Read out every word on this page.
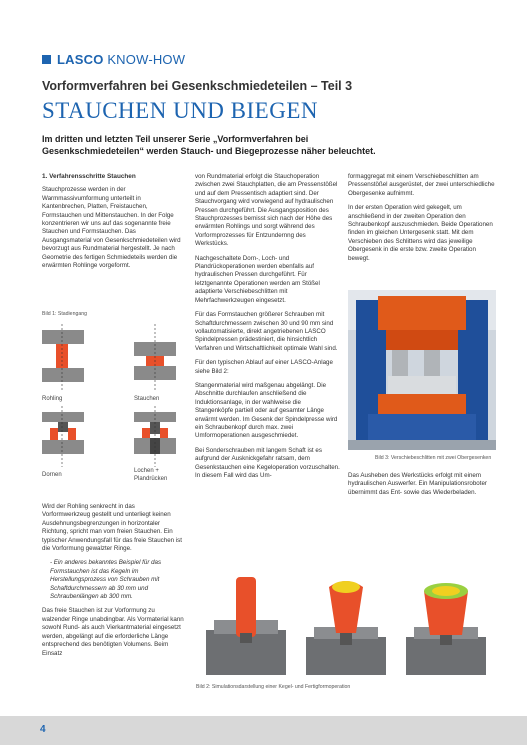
LASCO KNOW-HOW
Vorformverfahren bei Gesenkschmiedeteilen – Teil 3
STAUCHEN UND BIEGEN
Im dritten und letzten Teil unserer Serie „Vorformverfahren bei Gesenkschmiedeteilen“ werden Stauch- und Biegeprozesse näher beleuchtet.
1. Verfahrensschritte Stauchen

Stauchprozesse werden in der Warmmassivumformung unterteilt in Kantenbrechen, Platten, Freistauchen, Formstauchen und Mittenstauchen. In der Folge konzentrieren wir uns auf das sogenannte freie Stauchen und Formstauchen. Das Ausgangsmaterial von Gesenkschmiedeteilen wird bevorzugt aus Rundmaterial hergestellt. Je nach Geometrie des fertigen Schmiedeteils werden die erwärmten Rohlinge vorgeformt.

Bild 1: Stadiengang
Rohling	Stauchen
Dornen
Lochen +
Plandrücken

Wird der Rohling senkrecht in das Vorformwerkzeug gestellt und unterliegt keinen Ausdehnungsbegrenzungen in horizontaler Richtung, spricht man vom freien Stauchen. Ein typischer Anwendungsfall für das freie Stauchen ist die Vorformung gewalzter Ringe.

- Ein anderes bekanntes Beispiel für das Formstauchen ist das Kegeln im Herstellungsprozess von Schrauben mit Schaftdurchmessern ab 30 mm und Schraubenlängen ab 300 mm.

Das freie Stauchen ist zur Vorformung zu walzender Ringe unabdingbar. Als Vormaterial kann sowohl Rund- als auch Vierkantmaterial eingesetzt werden, abgelängt auf die erforderliche Länge entsprechend des benötigten Volumens. Beim Einsatz

von Rundmaterial erfolgt die Stauchoperation zwischen zwei Stauchplatten, die am Pressenstößel und auf dem Pressentisch adaptiert sind. Der Stauchvorgang wird vorwiegend auf hydraulischen Pressen durchgeführt. Die Ausgangsposition des Stauchprozesses bemisst sich nach der Höhe des erwärmten Rohlings und sorgt während des Vorformprozesses für Entzundernng des Werkstücks.

Nachgeschaltete Dorn-, Loch- und Plandrückoperationen werden ebenfalls auf hydraulischen Pressen durchgeführt. Für letztgenannte Operationen werden am Stößel adaptierte Verschiebeschlitten mit Mehrfachwerkzeugen eingesetzt.

Für das Formstauchen größerer Schrauben mit Schaftdurchmessern zwischen 30 und 90 mm sind vollautomatisierte, direkt angetriebenen LASCO Spindelpressen prädestiniert, die hinsichtlich Verfahren und Wirtschaftlichkeit optimale Wahl sind.

Für den typischen Ablauf auf einer LASCO-Anlage siehe Bild 2:

Stangenmaterial wird maßgenau abgelängt. Die Abschnitte durchlaufen anschließend die Induktionsanlage, in der wahlweise die Stangenköpfe partiell oder auf gesamter Länge erwärmt werden. Im Gesenk der Spindelpresse wird ein Schraubenkopf durch max. zwei Umformoperationen ausgeschmiedet.

Bei Sonderschrauben mit langem Schaft ist es aufgrund der Ausknickgefahr ratsam, dem Gesenkstauchen eine Kegeloperation vorzuschalten. In diesem Fall wird das Um-

formaggregat mit einem Verschiebeschlitten am Pressenstößel ausgerüstet, der zwei unterschiedliche Obergesenke aufnimmt.

In der ersten Operation wird gekegelt, um anschließend in der zweiten Operation den Schraubenkopf auszuschmieden. Beide Operationen finden im gleichen Untergesenk statt. Mit dem Verschieben des Schlittens wird das jeweilige Obergesenk in die erste bzw. zweite Operation bewegt.

Bild 3: Verschiebeschlitten mit zwei Obergesenken

Das Ausheben des Werkstücks erfolgt mit einem hydraulischen Auswerfer. Ein Manipulationsroboter übernimmt das Ent- sowie das Wiederbeladen.

Bild 2: Simulationsdarstellung einer Kegel- und Fertigformoperation
4
